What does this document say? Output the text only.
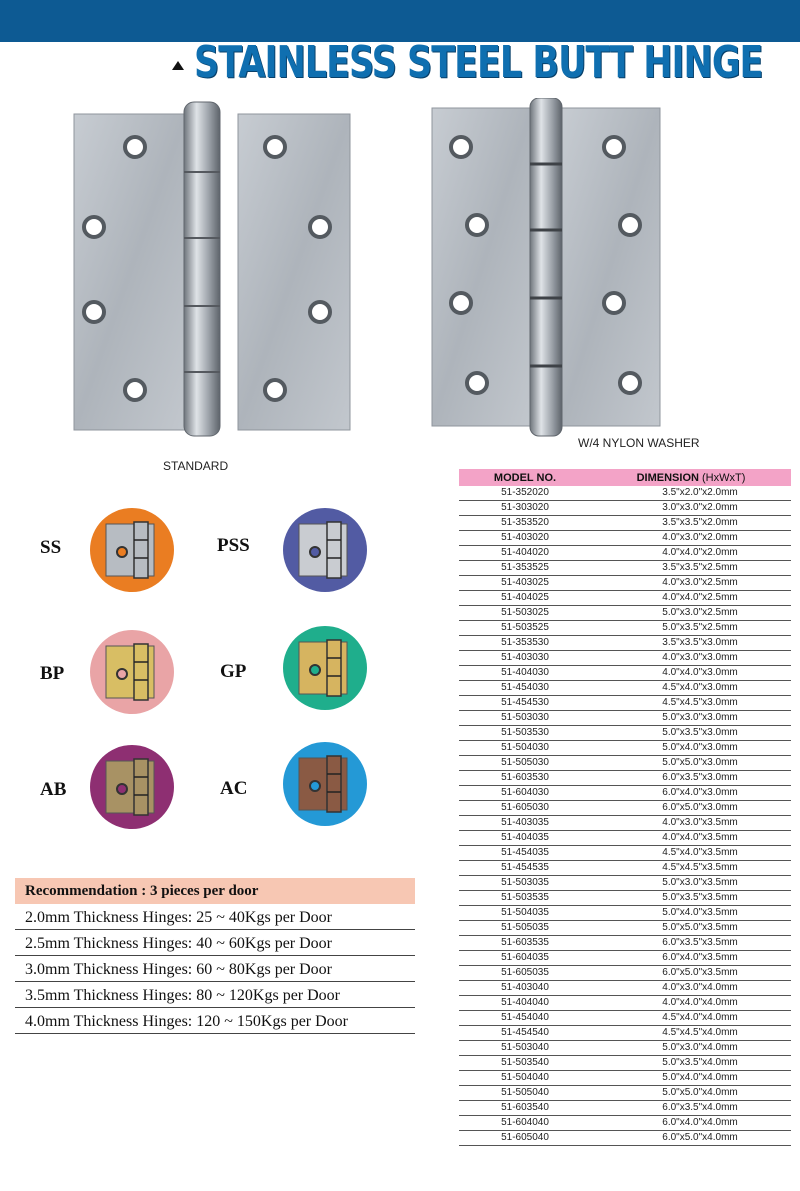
STAINLESS STEEL BUTT HINGE
STANDARD
W/4 NYLON WASHER
SS	PSS
BP	GP
AB	AC
Recommendation : 3 pieces per door
2.0mm Thickness Hinges: 25 ~ 40Kgs per Door
2.5mm Thickness Hinges: 40 ~ 60Kgs per Door
3.0mm Thickness Hinges: 60 ~ 80Kgs per Door
3.5mm Thickness Hinges: 80 ~ 120Kgs per Door
4.0mm Thickness Hinges: 120 ~ 150Kgs per Door
MODEL NO.	DIMENSION (HxWxT)
51-352020	3.5"x2.0"x2.0mm
51-303020	3.0"x3.0"x2.0mm
51-353520	3.5"x3.5"x2.0mm
51-403020	4.0"x3.0"x2.0mm
51-404020	4.0"x4.0"x2.0mm
51-353525	3.5"x3.5"x2.5mm
51-403025	4.0"x3.0"x2.5mm
51-404025	4.0"x4.0"x2.5mm
51-503025	5.0"x3.0"x2.5mm
51-503525	5.0"x3.5"x2.5mm
51-353530	3.5"x3.5"x3.0mm
51-403030	4.0"x3.0"x3.0mm
51-404030	4.0"x4.0"x3.0mm
51-454030	4.5"x4.0"x3.0mm
51-454530	4.5"x4.5"x3.0mm
51-503030	5.0"x3.0"x3.0mm
51-503530	5.0"x3.5"x3.0mm
51-504030	5.0"x4.0"x3.0mm
51-505030	5.0"x5.0"x3.0mm
51-603530	6.0"x3.5"x3.0mm
51-604030	6.0"x4.0"x3.0mm
51-605030	6.0"x5.0"x3.0mm
51-403035	4.0"x3.0"x3.5mm
51-404035	4.0"x4.0"x3.5mm
51-454035	4.5"x4.0"x3.5mm
51-454535	4.5"x4.5"x3.5mm
51-503035	5.0"x3.0"x3.5mm
51-503535	5.0"x3.5"x3.5mm
51-504035	5.0"x4.0"x3.5mm
51-505035	5.0"x5.0"x3.5mm
51-603535	6.0"x3.5"x3.5mm
51-604035	6.0"x4.0"x3.5mm
51-605035	6.0"x5.0"x3.5mm
51-403040	4.0"x3.0"x4.0mm
51-404040	4.0"x4.0"x4.0mm
51-454040	4.5"x4.0"x4.0mm
51-454540	4.5"x4.5"x4.0mm
51-503040	5.0"x3.0"x4.0mm
51-503540	5.0"x3.5"x4.0mm
51-504040	5.0"x4.0"x4.0mm
51-505040	5.0"x5.0"x4.0mm
51-603540	6.0"x3.5"x4.0mm
51-604040	6.0"x4.0"x4.0mm
51-605040	6.0"x5.0"x4.0mm
